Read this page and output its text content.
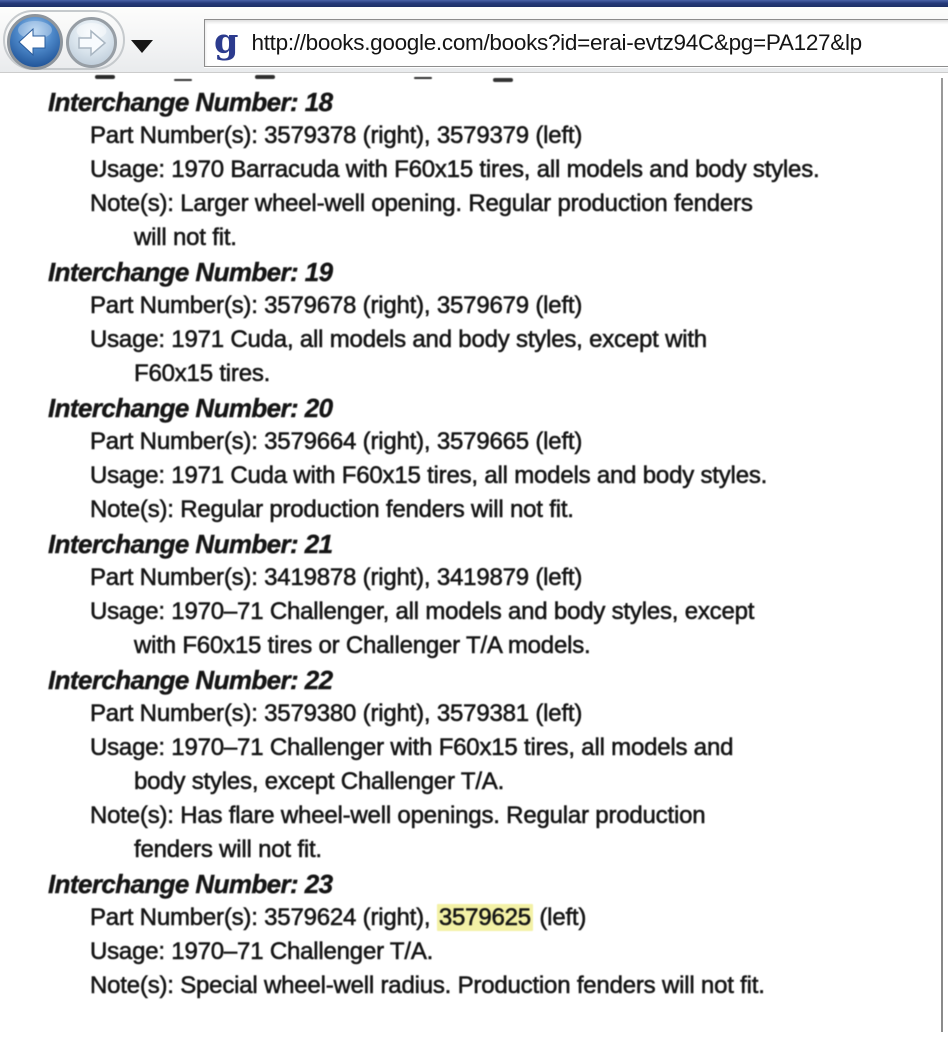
g
http://books.google.com/books?id=erai-evtz94C&pg=PA127&lp
Interchange Number: 18
Part Number(s): 3579378 (right), 3579379 (left)
Usage: 1970 Barracuda with F60x15 tires, all models and body styles.
Note(s): Larger wheel-well opening. Regular production fenders
will not fit.
Interchange Number: 19
Part Number(s): 3579678 (right), 3579679 (left)
Usage: 1971 Cuda, all models and body styles, except with
F60x15 tires.
Interchange Number: 20
Part Number(s): 3579664 (right), 3579665 (left)
Usage: 1971 Cuda with F60x15 tires, all models and body styles.
Note(s): Regular production fenders will not fit.
Interchange Number: 21
Part Number(s): 3419878 (right), 3419879 (left)
Usage: 1970–71 Challenger, all models and body styles, except
with F60x15 tires or Challenger T/A models.
Interchange Number: 22
Part Number(s): 3579380 (right), 3579381 (left)
Usage: 1970–71 Challenger with F60x15 tires, all models and
body styles, except Challenger T/A.
Note(s): Has flare wheel-well openings. Regular production
fenders will not fit.
Interchange Number: 23
Part Number(s): 3579624 (right), 3579625 (left)
Usage: 1970–71 Challenger T/A.
Note(s): Special wheel-well radius. Production fenders will not fit.
